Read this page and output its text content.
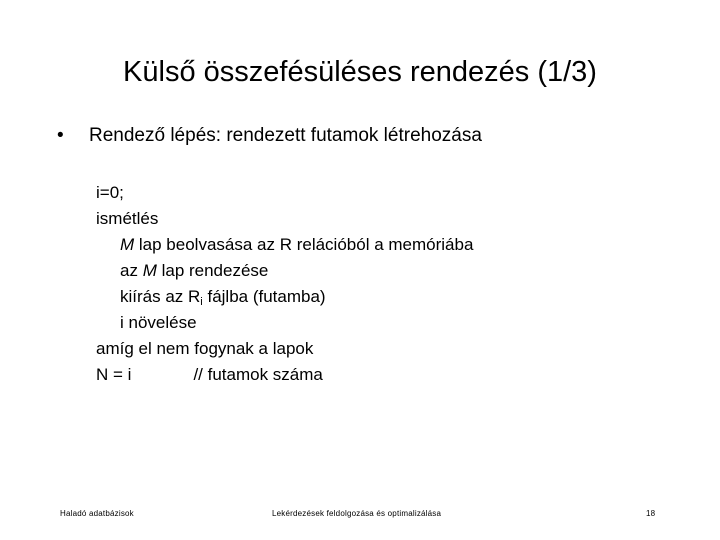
Külső összefésüléses rendezés (1/3)
• Rendező lépés: rendezett futamok létrehozása
i=0;
ismétlés
M lap beolvasása az R relációból a memóriába
az M lap rendezése
kiírás az $R_i$ fájlba (futamba)
i növelése
amíg el nem fogynak a lapok
N = i	// futamok száma
Haladó adatbázisok	Lekérdezések feldolgozása és optimalizálása	18
